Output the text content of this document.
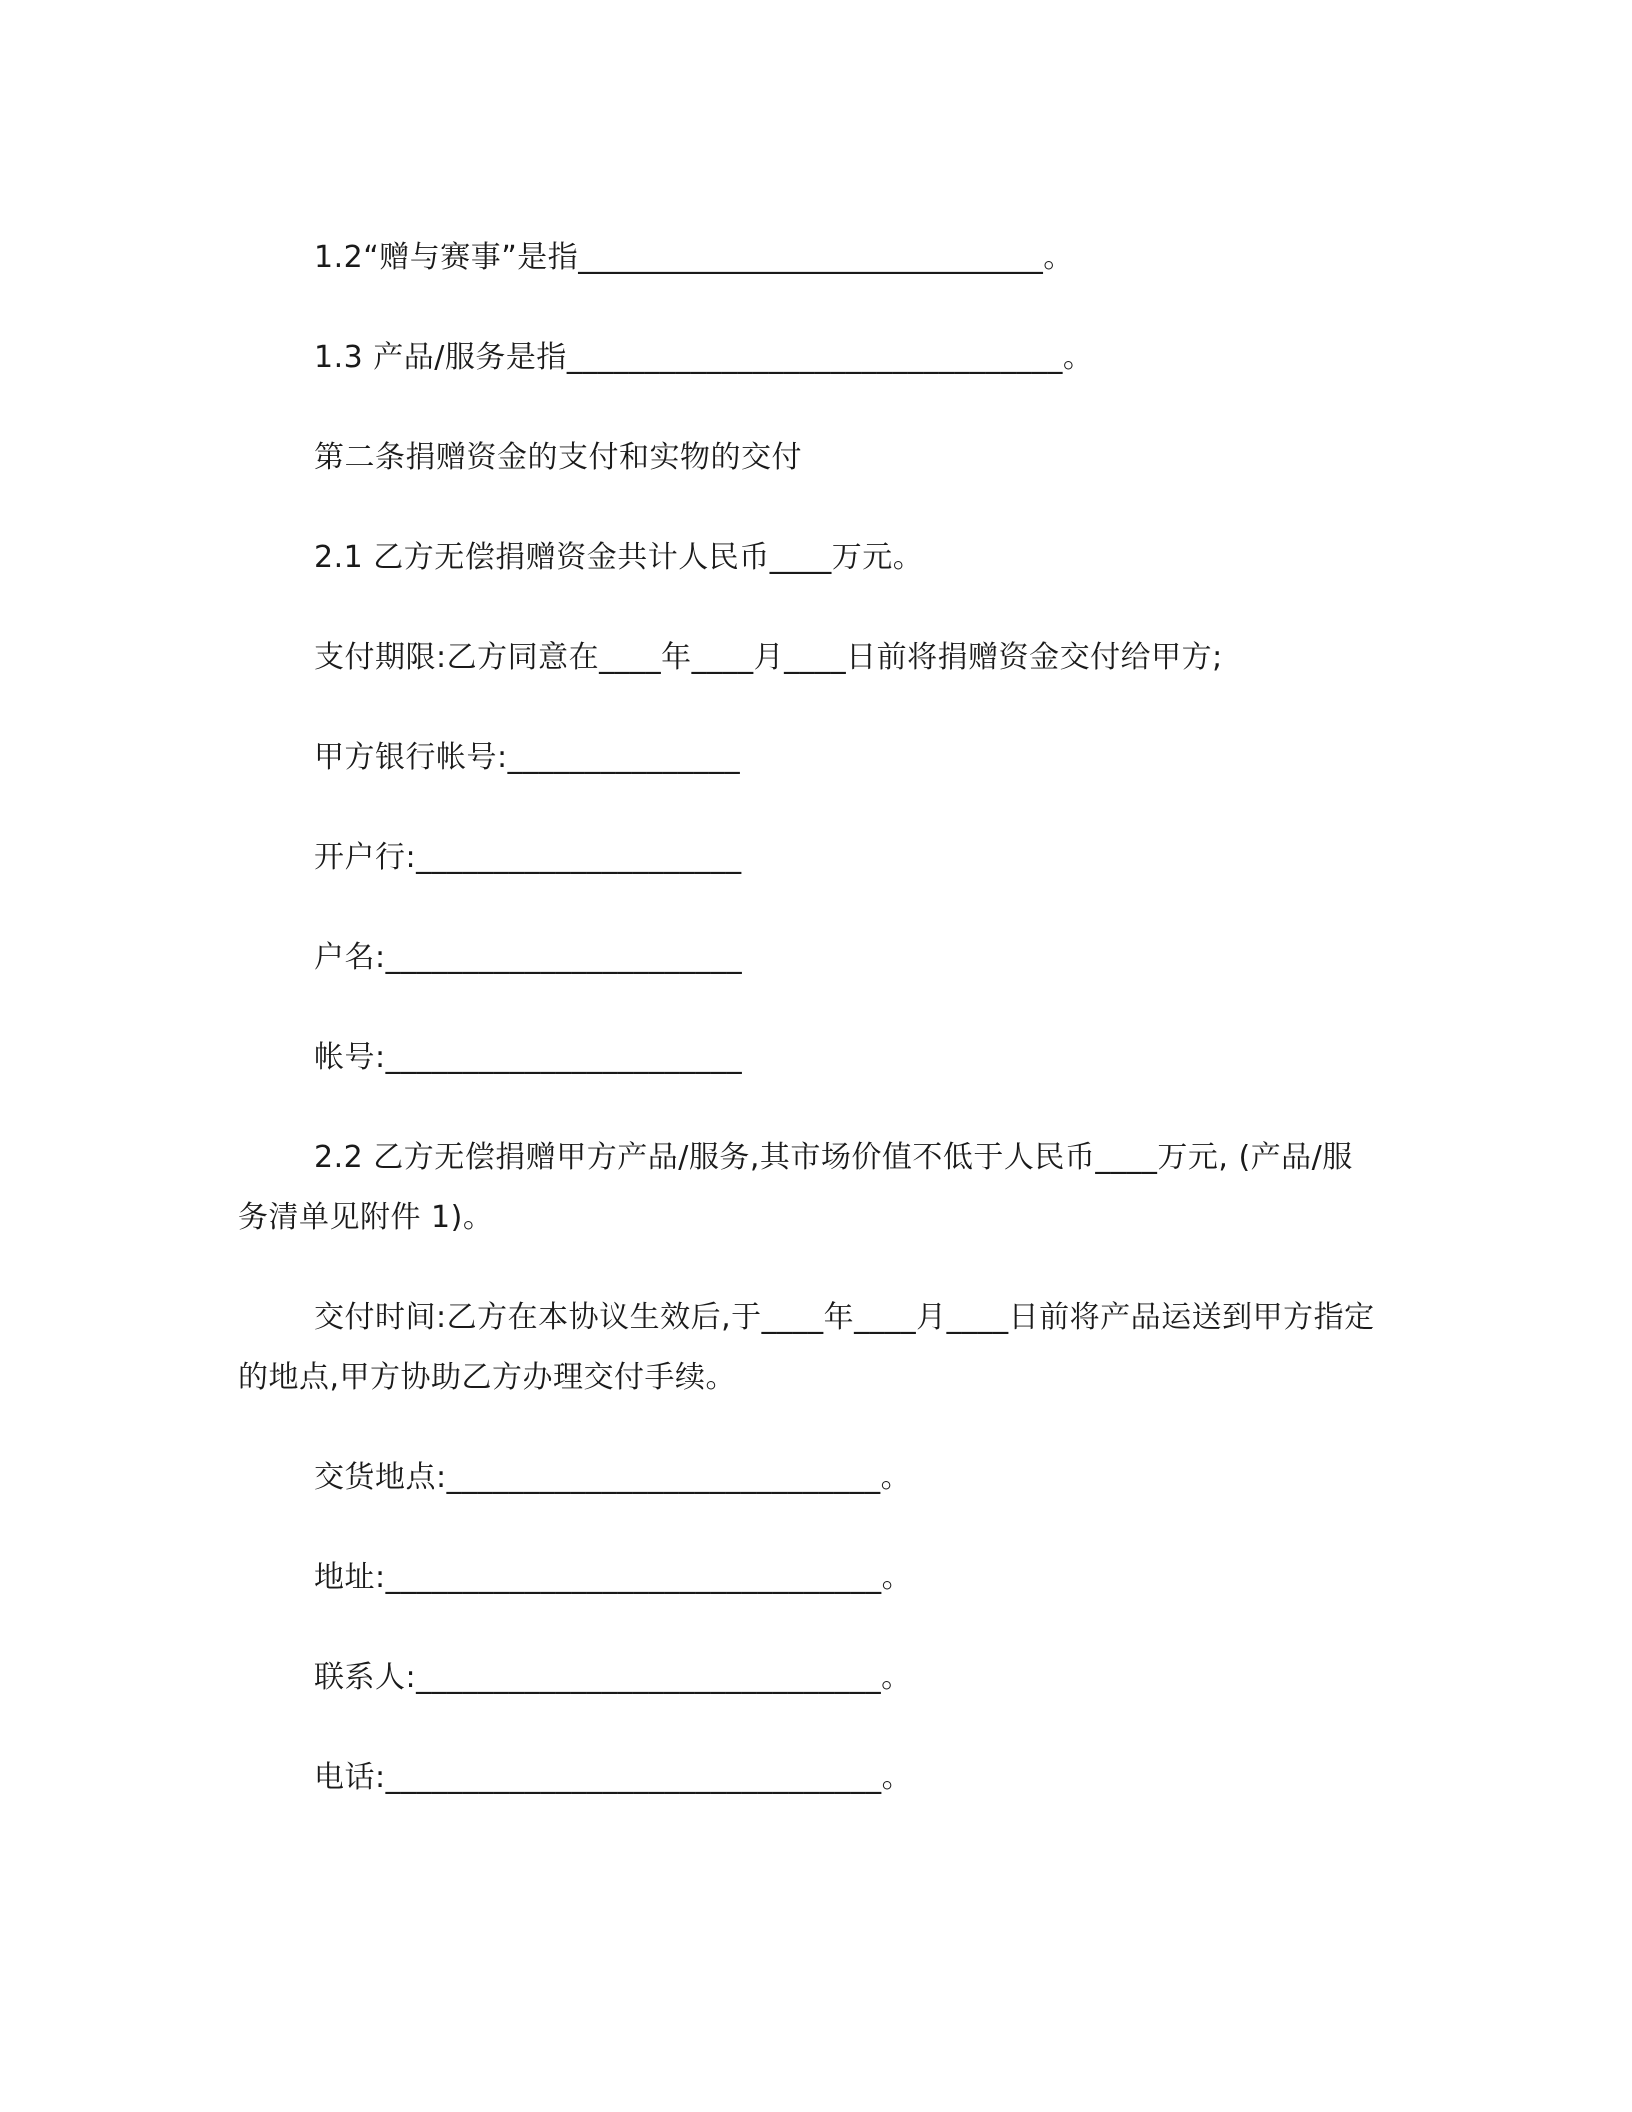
1.2“赠与赛事”是指______________________________。
1.3 产品/服务是指________________________________。
第二条捐赠资金的支付和实物的交付
2.1 乙方无偿捐赠资金共计人民币____万元。
支付期限:乙方同意在____年____月____日前将捐赠资金交付给甲方;
甲方银行帐号:_______________
开户行:_____________________
户名:_______________________
帐号:_______________________
2.2 乙方无偿捐赠甲方产品/服务,其市场价值不低于人民币____万元, (产品/服务清单见附件 1)。
交付时间:乙方在本协议生效后,于____年____月____日前将产品运送到甲方指定的地点,甲方协助乙方办理交付手续。
交货地点:____________________________。
地址:________________________________。
联系人:______________________________。
电话:________________________________。
